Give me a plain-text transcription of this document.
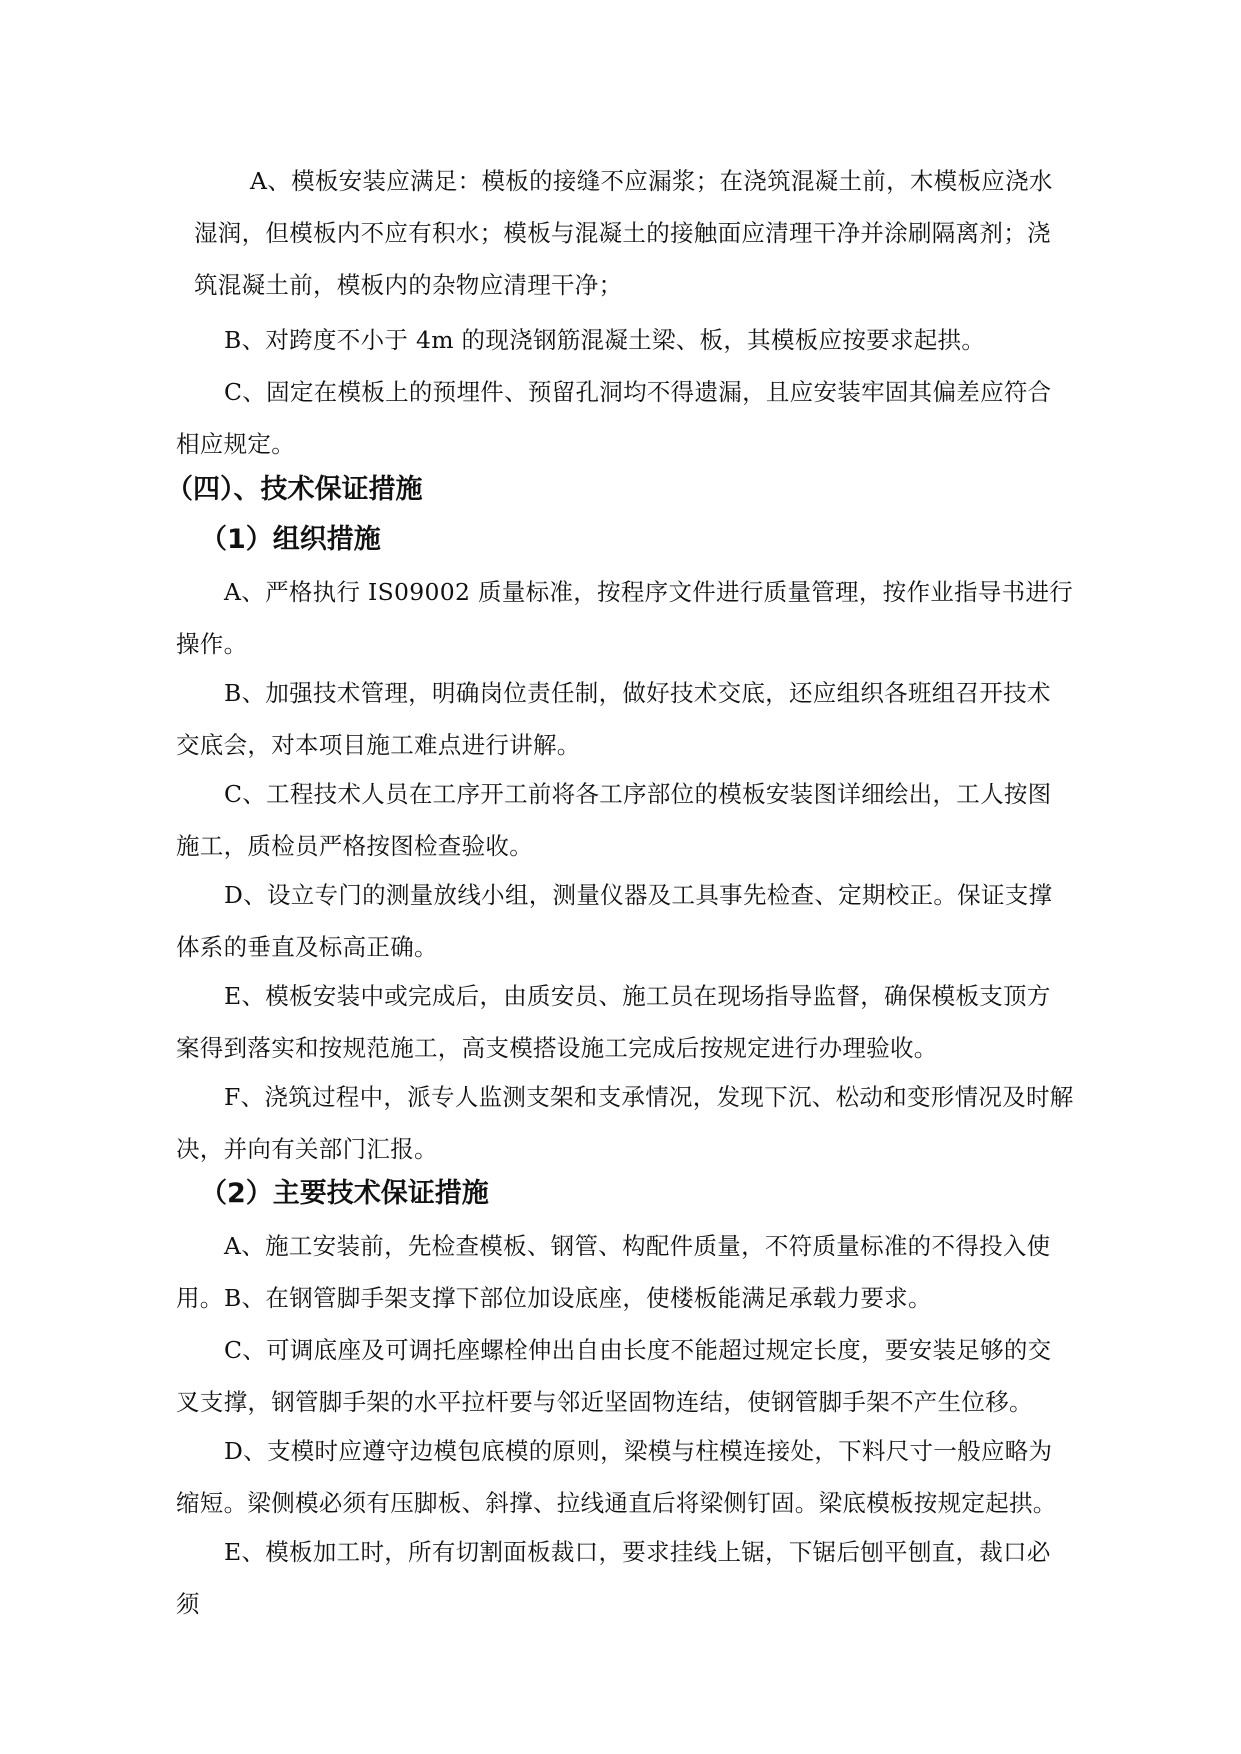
A、模板安装应满足：模板的接缝不应漏浆；在浇筑混凝土前，木模板应浇水湿润，但模板内不应有积水；模板与混凝土的接触面应清理干净并涂刷隔离剂；浇筑混凝土前，模板内的杂物应清理干净；

B、对跨度不小于 4m 的现浇钢筋混凝土梁、板，其模板应按要求起拱。

C、固定在模板上的预埋件、预留孔洞均不得遗漏，且应安装牢固其偏差应符合相应规定。

（四）、技术保证措施
（1）组织措施

A、严格执行 IS09002 质量标准，按程序文件进行质量管理，按作业指导书进行操作。

B、加强技术管理，明确岗位责任制，做好技术交底，还应组织各班组召开技术交底会，对本项目施工难点进行讲解。

C、工程技术人员在工序开工前将各工序部位的模板安装图详细绘出，工人按图施工，质检员严格按图检查验收。

D、设立专门的测量放线小组，测量仪器及工具事先检查、定期校正。保证支撑体系的垂直及标高正确。

E、模板安装中或完成后，由质安员、施工员在现场指导监督，确保模板支顶方案得到落实和按规范施工，高支模搭设施工完成后按规定进行办理验收。

F、浇筑过程中，派专人监测支架和支承情况，发现下沉、松动和变形情况及时解决，并向有关部门汇报。

（2）主要技术保证措施

A、施工安装前，先检查模板、钢管、构配件质量，不符质量标准的不得投入使用。 B、在钢管脚手架支撑下部位加设底座，使楼板能满足承载力要求。

C、可调底座及可调托座螺栓伸出自由长度不能超过规定长度，要安装足够的交叉支撑，钢管脚手架的水平拉杆要与邻近坚固物连结，使钢管脚手架不产生位移。

D、支模时应遵守边模包底模的原则，梁模与柱模连接处，下料尺寸一般应略为缩短。梁侧模必须有压脚板、斜撑、拉线通直后将梁侧钉固。梁底模板按规定起拱。

E、模板加工时，所有切割面板裁口，要求挂线上锯，下锯后刨平刨直，裁口必须
